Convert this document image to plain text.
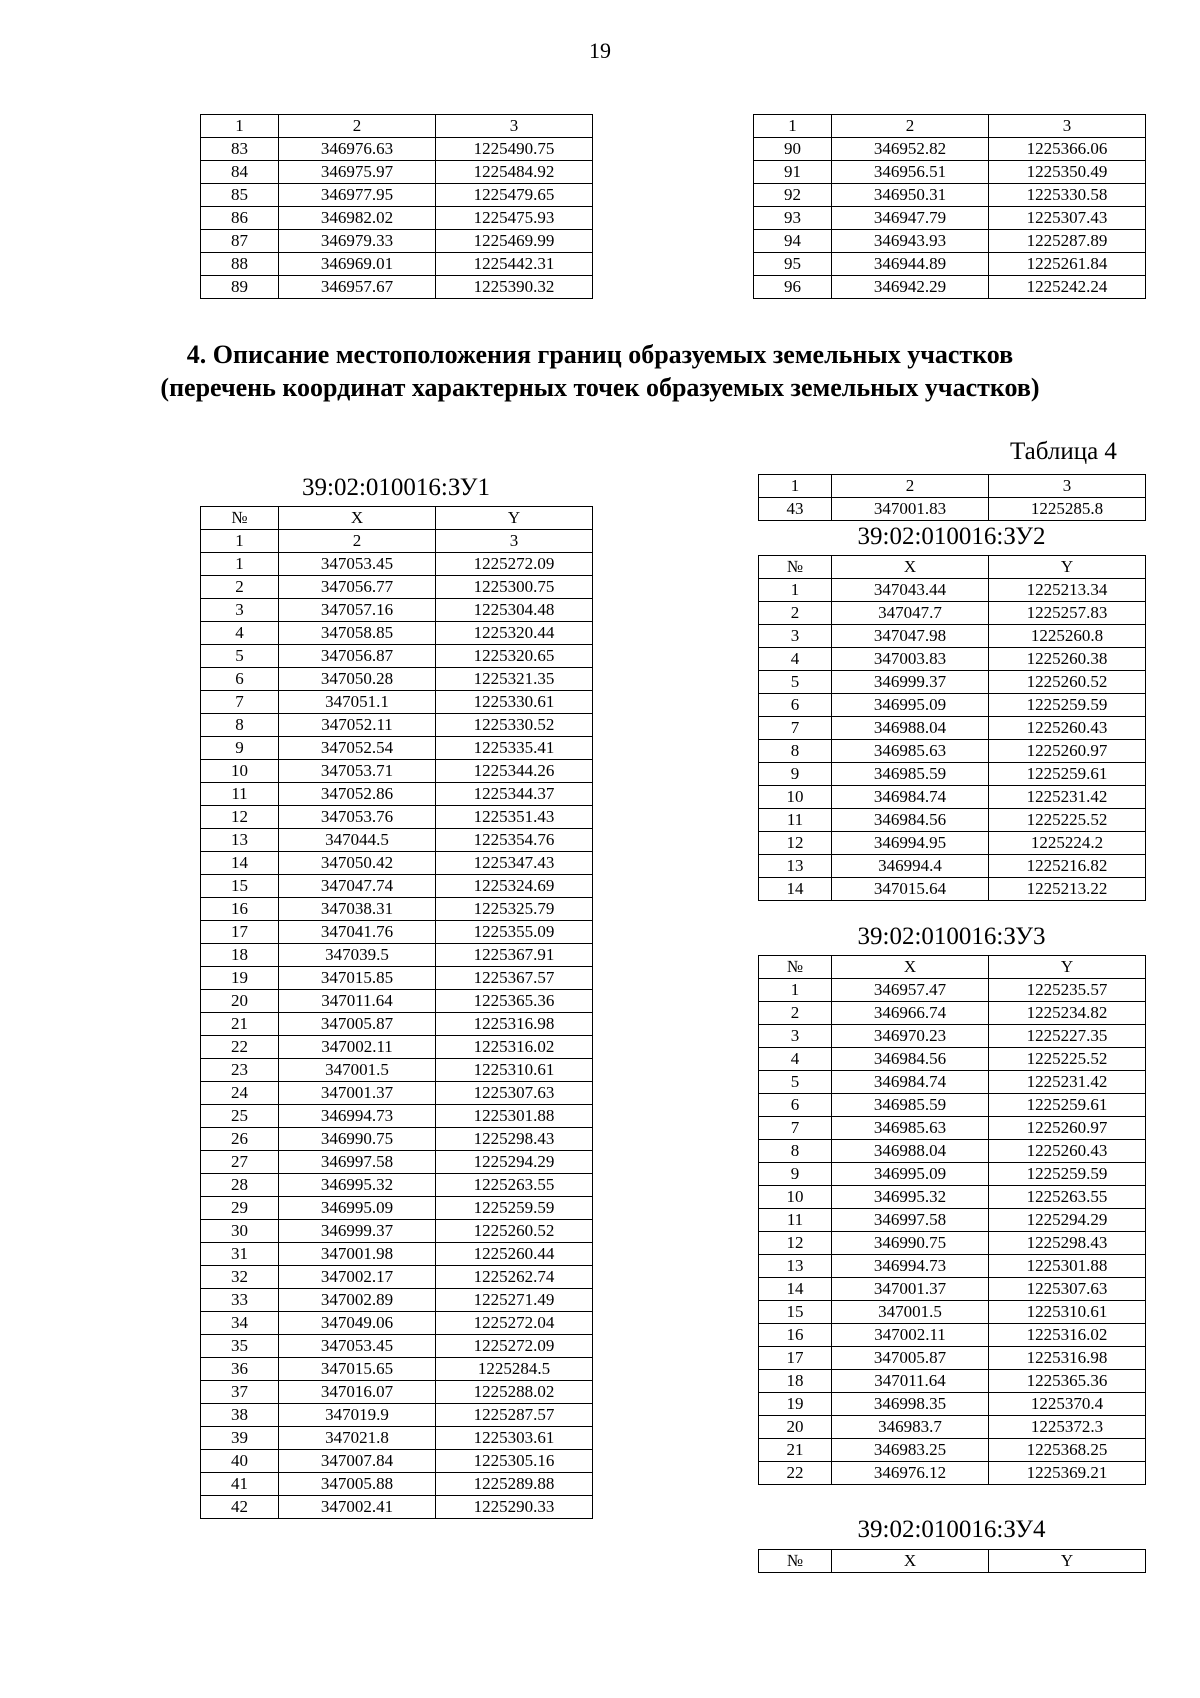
19
1	2	3
83	346976.63	1225490.75
84	346975.97	1225484.92
85	346977.95	1225479.65
86	346982.02	1225475.93
87	346979.33	1225469.99
88	346969.01	1225442.31
89	346957.67	1225390.32
1	2	3
90	346952.82	1225366.06
91	346956.51	1225350.49
92	346950.31	1225330.58
93	346947.79	1225307.43
94	346943.93	1225287.89
95	346944.89	1225261.84
96	346942.29	1225242.24
4. Описание местоположения границ образуемых земельных участков
(перечень координат характерных точек образуемых земельных участков)
Таблица 4
39:02:010016:ЗУ1
№	X	Y
1	2	3
1	347053.45	1225272.09
2	347056.77	1225300.75
3	347057.16	1225304.48
4	347058.85	1225320.44
5	347056.87	1225320.65
6	347050.28	1225321.35
7	347051.1	1225330.61
8	347052.11	1225330.52
9	347052.54	1225335.41
10	347053.71	1225344.26
11	347052.86	1225344.37
12	347053.76	1225351.43
13	347044.5	1225354.76
14	347050.42	1225347.43
15	347047.74	1225324.69
16	347038.31	1225325.79
17	347041.76	1225355.09
18	347039.5	1225367.91
19	347015.85	1225367.57
20	347011.64	1225365.36
21	347005.87	1225316.98
22	347002.11	1225316.02
23	347001.5	1225310.61
24	347001.37	1225307.63
25	346994.73	1225301.88
26	346990.75	1225298.43
27	346997.58	1225294.29
28	346995.32	1225263.55
29	346995.09	1225259.59
30	346999.37	1225260.52
31	347001.98	1225260.44
32	347002.17	1225262.74
33	347002.89	1225271.49
34	347049.06	1225272.04
35	347053.45	1225272.09
36	347015.65	1225284.5
37	347016.07	1225288.02
38	347019.9	1225287.57
39	347021.8	1225303.61
40	347007.84	1225305.16
41	347005.88	1225289.88
42	347002.41	1225290.33
1	2	3
43	347001.83	1225285.8
39:02:010016:ЗУ2
№	X	Y
1	347043.44	1225213.34
2	347047.7	1225257.83
3	347047.98	1225260.8
4	347003.83	1225260.38
5	346999.37	1225260.52
6	346995.09	1225259.59
7	346988.04	1225260.43
8	346985.63	1225260.97
9	346985.59	1225259.61
10	346984.74	1225231.42
11	346984.56	1225225.52
12	346994.95	1225224.2
13	346994.4	1225216.82
14	347015.64	1225213.22
39:02:010016:ЗУ3
№	X	Y
1	346957.47	1225235.57
2	346966.74	1225234.82
3	346970.23	1225227.35
4	346984.56	1225225.52
5	346984.74	1225231.42
6	346985.59	1225259.61
7	346985.63	1225260.97
8	346988.04	1225260.43
9	346995.09	1225259.59
10	346995.32	1225263.55
11	346997.58	1225294.29
12	346990.75	1225298.43
13	346994.73	1225301.88
14	347001.37	1225307.63
15	347001.5	1225310.61
16	347002.11	1225316.02
17	347005.87	1225316.98
18	347011.64	1225365.36
19	346998.35	1225370.4
20	346983.7	1225372.3
21	346983.25	1225368.25
22	346976.12	1225369.21
39:02:010016:ЗУ4
№	X	Y
